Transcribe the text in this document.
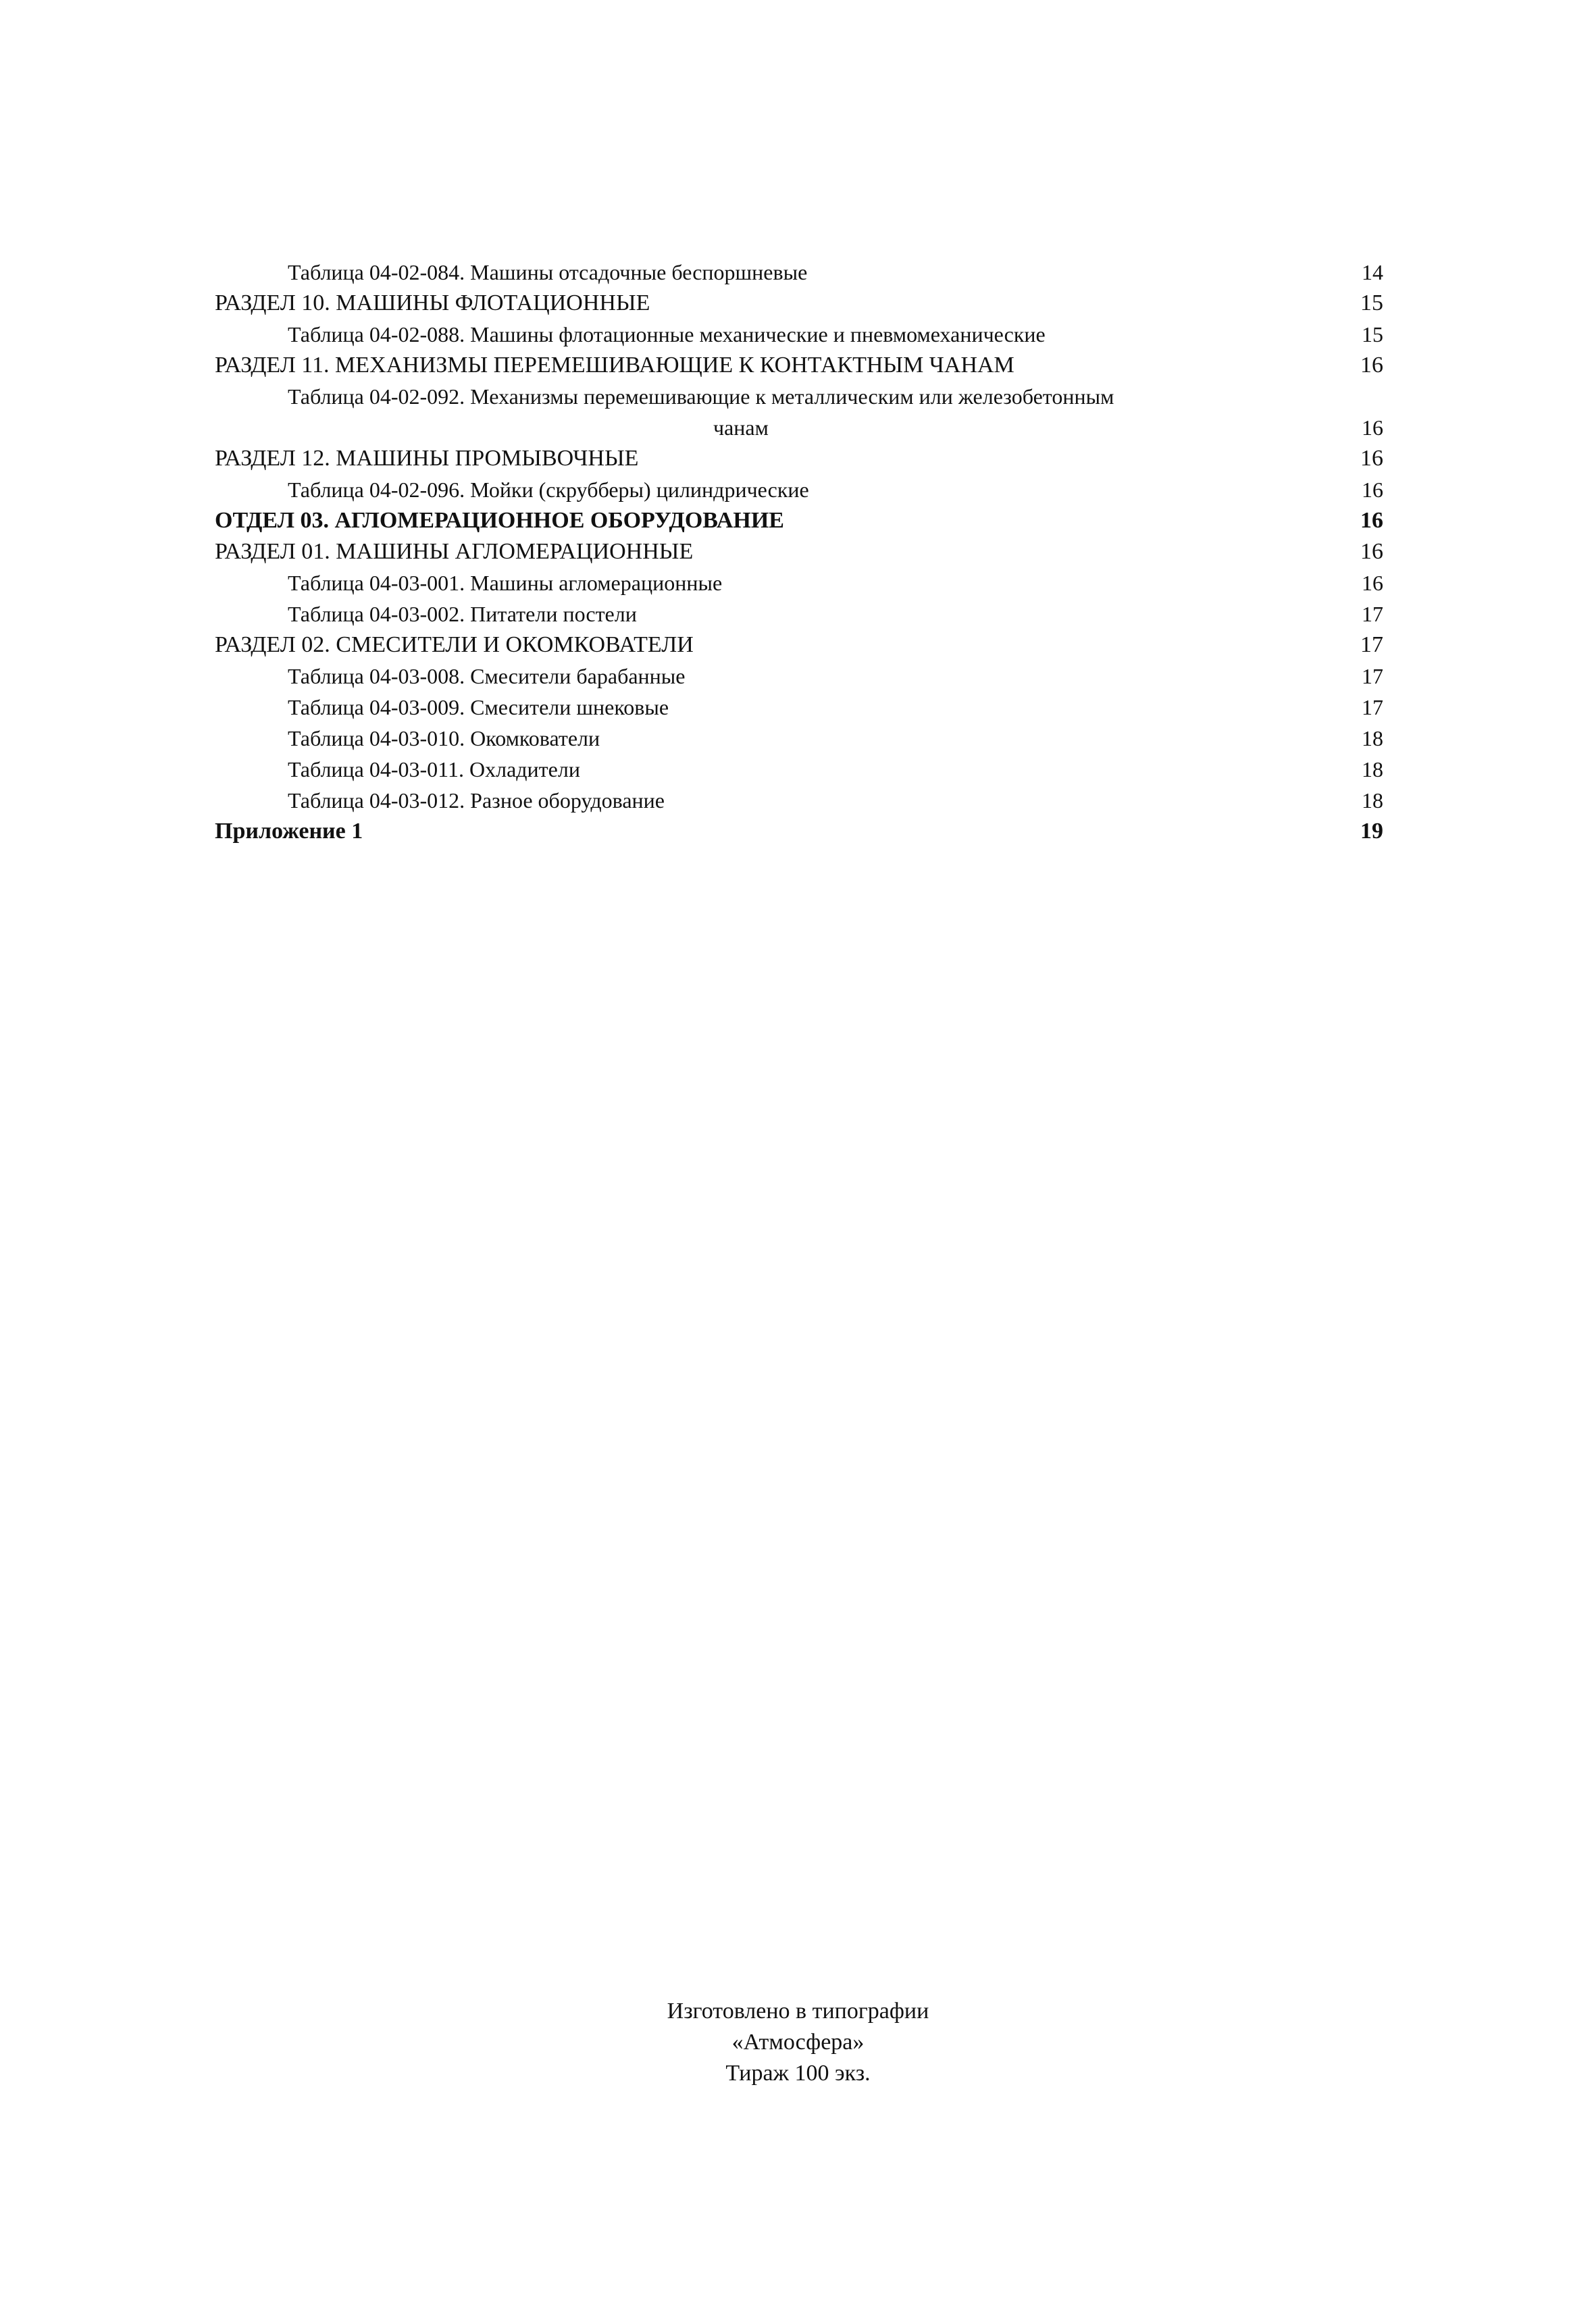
Таблица 04-02-084. Машины отсадочные беспоршневые	14
РАЗДЕЛ 10. МАШИНЫ ФЛОТАЦИОННЫЕ	15
Таблица 04-02-088. Машины флотационные механические и пневмомеханические	15
РАЗДЕЛ 11. МЕХАНИЗМЫ ПЕРЕМЕШИВАЮЩИЕ К КОНТАКТНЫМ ЧАНАМ	16
Таблица 04-02-092. Механизмы перемешивающие к металлическим или железобетонным
чанам	16
РАЗДЕЛ 12. МАШИНЫ ПРОМЫВОЧНЫЕ	16
Таблица 04-02-096. Мойки (скрубберы) цилиндрические	16
ОТДЕЛ 03. АГЛОМЕРАЦИОННОЕ ОБОРУДОВАНИЕ	16
РАЗДЕЛ 01. МАШИНЫ АГЛОМЕРАЦИОННЫЕ	16
Таблица 04-03-001. Машины агломерационные	16
Таблица 04-03-002. Питатели постели	17
РАЗДЕЛ 02. СМЕСИТЕЛИ И ОКОМКОВАТЕЛИ	17
Таблица 04-03-008. Смесители барабанные	17
Таблица 04-03-009. Смесители шнековые	17
Таблица 04-03-010. Окомкователи	18
Таблица 04-03-011. Охладители	18
Таблица 04-03-012. Разное оборудование	18
Приложение 1	19
Изготовлено в типографии
«Атмосфера»
Тираж 100 экз.
